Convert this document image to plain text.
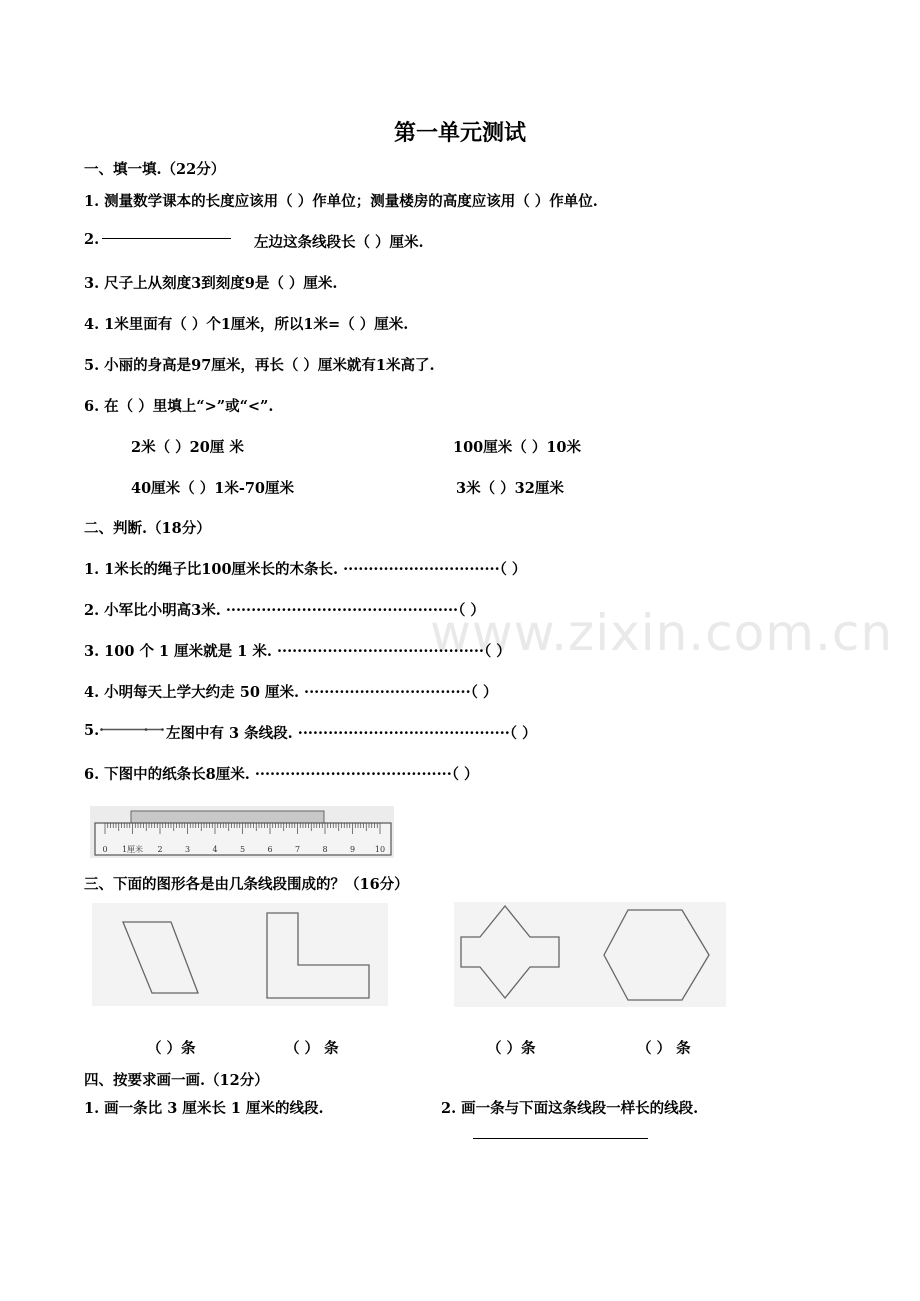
www.zixin.com.cn
第一单元测试
一、填一填.（22分）
1. 测量数学课本的长度应该用（ ）作单位；测量楼房的高度应该用（ ）作单位.
2.	左边这条线段长（ ）厘米.
3. 尺子上从刻度3到刻度9是（ ）厘米.
4. 1米里面有（ ）个1厘米，所以1米=（ ）厘米.
5. 小丽的身高是97厘米，再长（ ）厘米就有1米高了.
6. 在（ ）里填上“>”或“<”.
2米（ ）20厘 米	100厘米（ ）10米
40厘米（ ）1米-70厘米	3米（ ）32厘米
二、判断.（18分）
1. 1米长的绳子比100厘米长的木条长. ·······························（ ）
2. 小军比小明高3米. ··············································（ ）
3. 100 个 1 厘米就是 1 米. ·········································（ ）
4. 小明每天上学大约走 50 厘米. ·································（ ）
5.	左图中有 3 条线段. ··········································（ ）
6. 下图中的纸条长8厘米. ·······································（ ）
0 1厘米 2	3	4	5	6	7	8	9 10
三、下面的图形各是由几条线段围成的？（16分）
（ ）条	（ ） 条	（ ）条	（ ） 条
四、按要求画一画.（12分）
1. 画一条比 3 厘米长 1 厘米的线段.	2. 画一条与下面这条线段一样长的线段.
